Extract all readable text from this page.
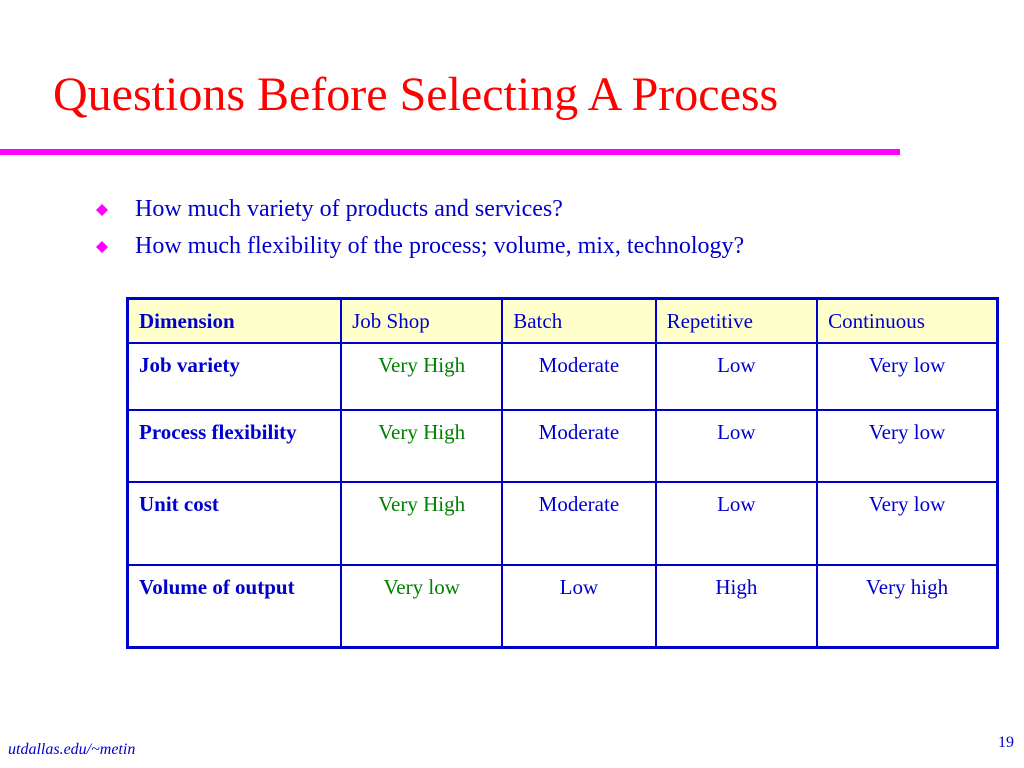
Questions Before Selecting A Process
How much variety of products and services?
How much flexibility of the process; volume, mix, technology?
Dimension	Job Shop	Batch	Repetitive	Continuous
Job variety	Very High	Moderate	Low	Very low
Process flexibility	Very High	Moderate	Low	Very low
Unit cost	Very High	Moderate	Low	Very low
Volume of output	Very low	Low	High	Very high
utdallas.edu/~metin	19
